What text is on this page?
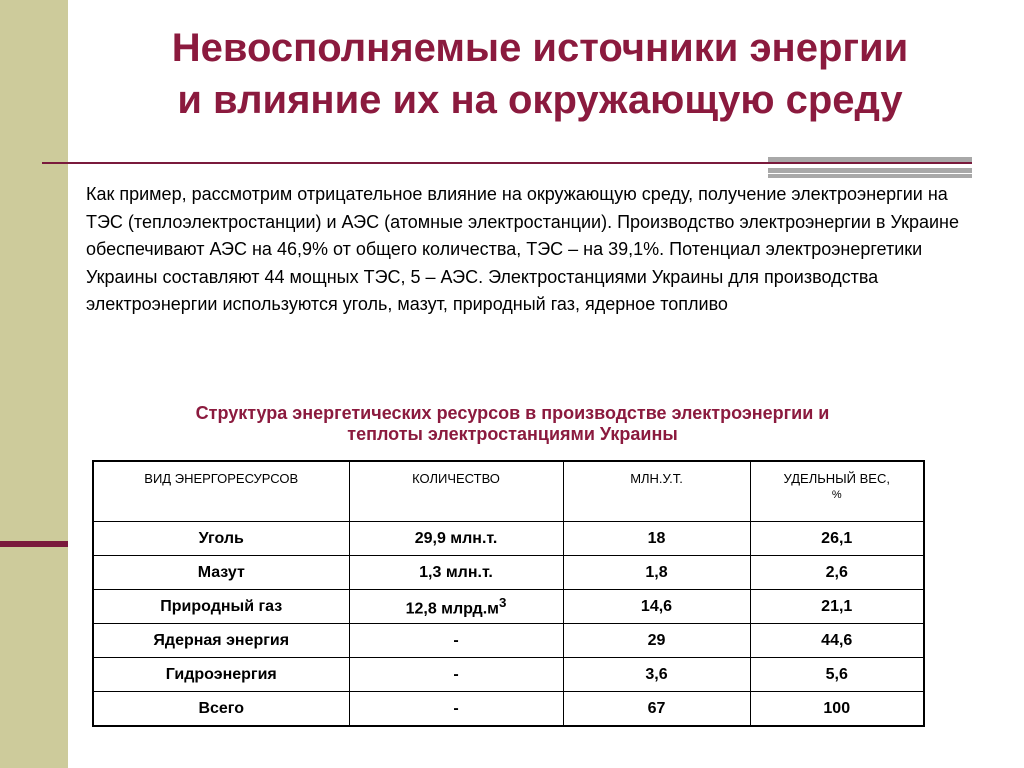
Невосполняемые источники энергии
и влияние их на окружающую среду

Как пример, рассмотрим отрицательное влияние на окружающую среду, получение электроэнергии на ТЭС (теплоэлектростанции) и АЭС (атомные электростанции). Производство электроэнергии в Украине обеспечивают АЭС на 46,9% от общего количества, ТЭС – на 39,1%. Потенциал электроэнергетики Украины составляют 44 мощных ТЭС, 5 – АЭС. Электростанциями Украины для производства электроэнергии используются уголь, мазут, природный газ, ядерное топливо

Структура энергетических ресурсов в производстве электроэнергии и
теплоты электростанциями Украины
ВИД ЭНЕРГОРЕСУРСОВ	КОЛИЧЕСТВО	МЛН.У.Т.	УДЕЛЬНЫЙ ВЕС,
%
Уголь	29,9 млн.т.	18	26,1
Мазут	1,3 млн.т.	1,8	2,6
Природный газ	12,8 $млрд.м^3$	14,6	21,1
Ядерная энергия	-	29	44,6
Гидроэнергия	-	3,6	5,6
Всего	-	67	100
